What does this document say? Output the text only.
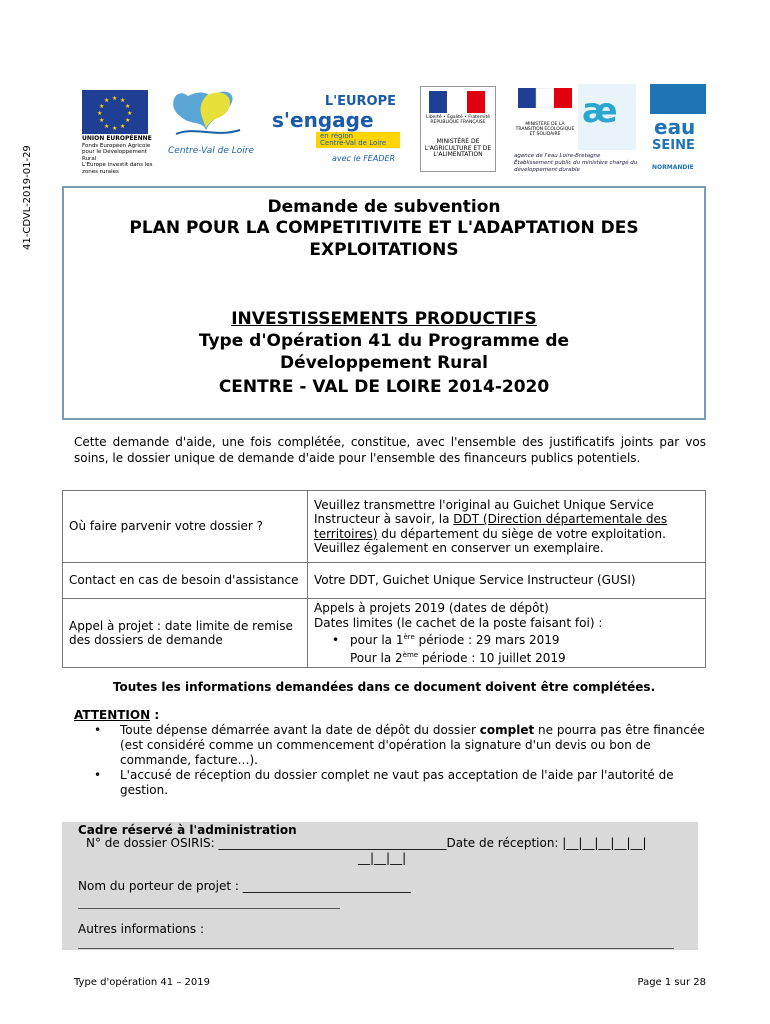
41-CDVL-2019-01-29
★ ★
★
★
★
★
★
★
★
★
★
★
UNION EUROPÉENNE
Fonds Européen Agricole pour le Développement Rural
L'Europe investit dans les zones rurales
Centre-Val de Loire
L'EUROPE
s'engage
en région
Centre-Val de Loire
avec le FEADER
Liberté • Égalité • Fraternité RÉPUBLIQUE FRANÇAISE
MINISTÈRE DE L'AGRICULTURE ET DE L'ALIMENTATION
MINISTÈRE DE LA TRANSITION ÉCOLOGIQUE ET SOLIDAIRE
æ
agence de l'eau Loire-Bretagne
Établissement public du ministère chargé du développement durable
eau
SEINE
NORMANDIE
Demande de subvention
PLAN POUR LA COMPETITIVITE ET L'ADAPTATION DES
EXPLOITATIONS
INVESTISSEMENTS PRODUCTIFS
Type d'Opération 41 du Programme de
Développement Rural
CENTRE - VAL DE LOIRE 2014-2020
Cette demande d'aide, une fois complétée, constitue, avec l'ensemble des justificatifs joints par vos soins, le dossier unique de demande d'aide pour l'ensemble des financeurs publics potentiels.
Où faire parvenir votre dossier ?	Veuillez transmettre l'original au Guichet Unique Service Instructeur à savoir, la DDT (Direction départementale des territoires) du département du siège de votre exploitation. Veuillez également en conserver un exemplaire.
Contact en cas de besoin d'assistance	Votre DDT, Guichet Unique Service Instructeur (GUSI)
Appel à projet : date limite de remise des dossiers de demande	Appels à projets 2019 (dates de dépôt)
Dates limites (le cachet de la poste faisant foi) :
• pour la 1ère période : 29 mars 2019
Pour la 2ème période : 10 juillet 2019
Toutes les informations demandées dans ce document doivent être complétées.
ATTENTION :
• Toute dépense démarrée avant la date de dépôt du dossier complet ne pourra pas être financée (est considéré comme un commencement d'opération la signature d'un devis ou bon de commande, facture…).
• L'accusé de réception du dossier complet ne vaut pas acceptation de l'aide par l'autorité de gestion.
Cadre réservé à l'administration
N° de dossier OSIRIS: ______________________________________Date de réception: |__|__|__|__|__|
__|__|__|
Nom du porteur de projet : ____________________________
Autres informations :
Type d'opération 41 – 2019	Page 1 sur 28
